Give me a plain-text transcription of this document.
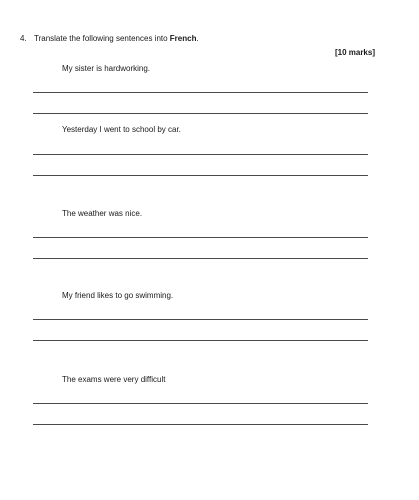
4. Translate the following sentences into French.
[10 marks]
My sister is hardworking.
Yesterday I went to school by car.
The weather was nice.
My friend likes to go swimming.
The exams were very difficult
